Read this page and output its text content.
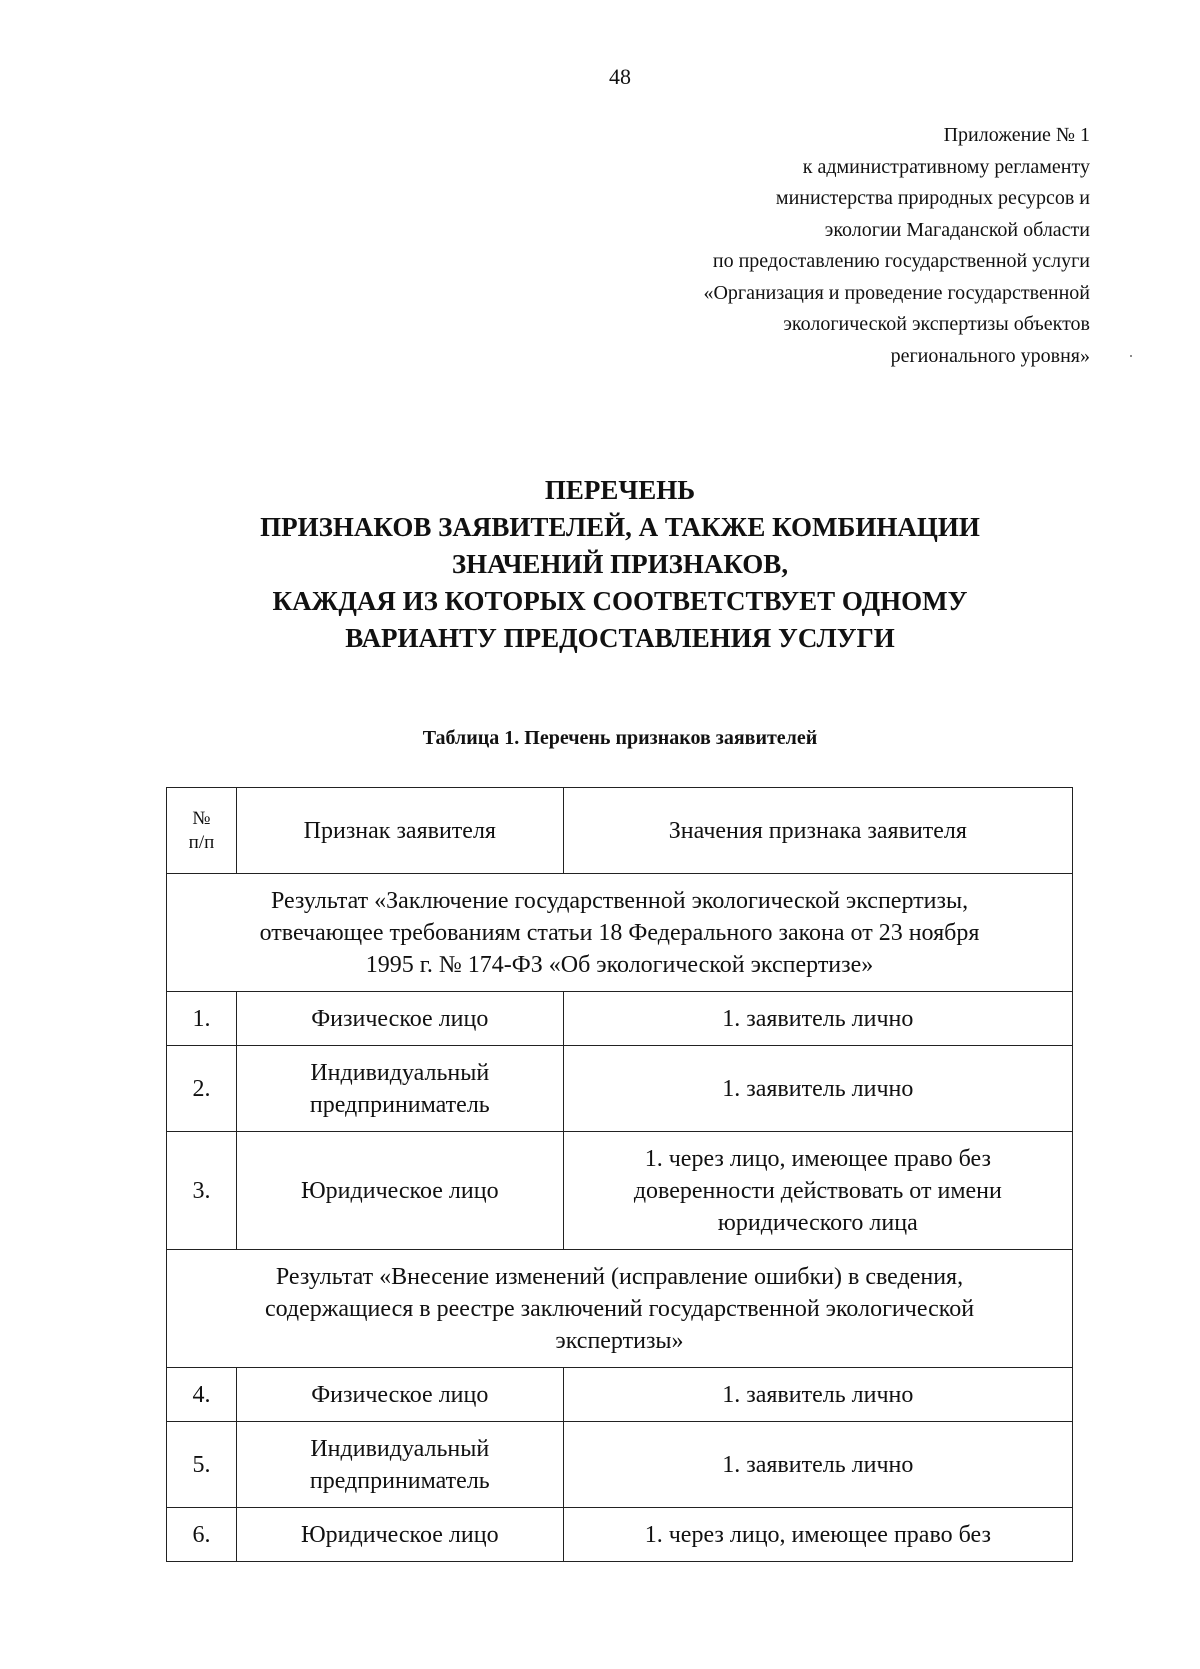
48
Приложение № 1
к административному регламенту
министерства природных ресурсов и
экологии Магаданской области
по предоставлению государственной услуги
«Организация и проведение государственной
экологической экспертизы объектов
регионального уровня»
ПЕРЕЧЕНЬ
ПРИЗНАКОВ ЗАЯВИТЕЛЕЙ, А ТАКЖЕ КОМБИНАЦИИ
ЗНАЧЕНИЙ ПРИЗНАКОВ,
КАЖДАЯ ИЗ КОТОРЫХ СООТВЕТСТВУЕТ ОДНОМУ
ВАРИАНТУ ПРЕДОСТАВЛЕНИЯ УСЛУГИ
Таблица 1. Перечень признаков заявителей
№
п/п	Признак заявителя	Значения признака заявителя
Результат «Заключение государственной экологической экспертизы,
отвечающее требованиям статьи 18 Федерального закона от 23 ноября
1995 г. № 174-ФЗ «Об экологической экспертизе»		
1.	Физическое лицо	1. заявитель лично
2.	Индивидуальный
предприниматель	1. заявитель лично
3.	Юридическое лицо	1. через лицо, имеющее право без
доверенности действовать от имени
юридического лица
Результат «Внесение изменений (исправление ошибки) в сведения,
содержащиеся в реестре заключений государственной экологической
экспертизы»		
4.	Физическое лицо	1. заявитель лично
5.	Индивидуальный
предприниматель	1. заявитель лично
6.	Юридическое лицо	1. через лицо, имеющее право без
